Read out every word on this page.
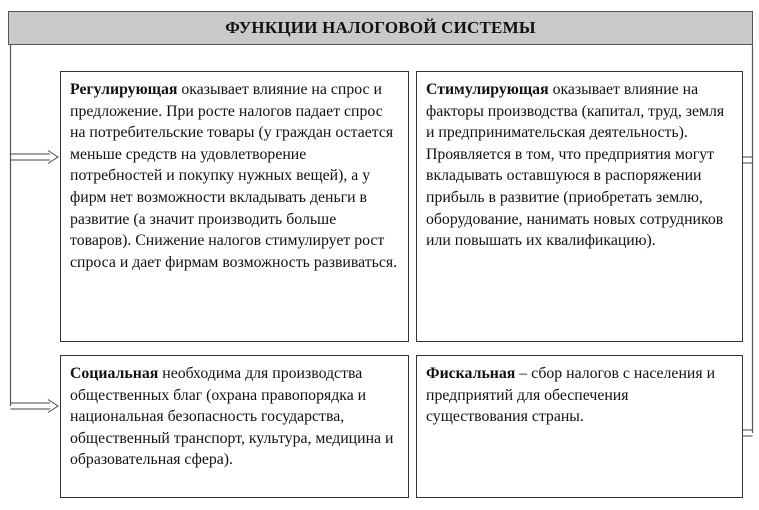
ФУНКЦИИ НАЛОГОВОЙ СИСТЕМЫ
Регулирующая оказывает влияние на спрос и предложение. При росте налогов падает спрос на потребительские товары (у граждан остается меньше средств на удовлетворение потребностей и покупку нужных вещей), а у фирм нет возможности вкладывать деньги в развитие (а значит производить больше товаров). Снижение налогов стимулирует рост спроса и дает фирмам возможность развиваться.
Стимулирующая оказывает влияние на факторы производства (капитал, труд, земля и предпринимательская деятельность). Проявляется в том, что предприятия могут вкладывать оставшуюся в распоряжении прибыль в развитие (приобретать землю, оборудование, нанимать новых сотрудников или повышать их квалификацию).
Социальная необходима для производства общественных благ (охрана правопорядка и национальная безопасность государства, общественный транспорт, культура, медицина и образовательная сфера).
Фискальная – сбор налогов с населения и предприятий для обеспечения существования страны.
